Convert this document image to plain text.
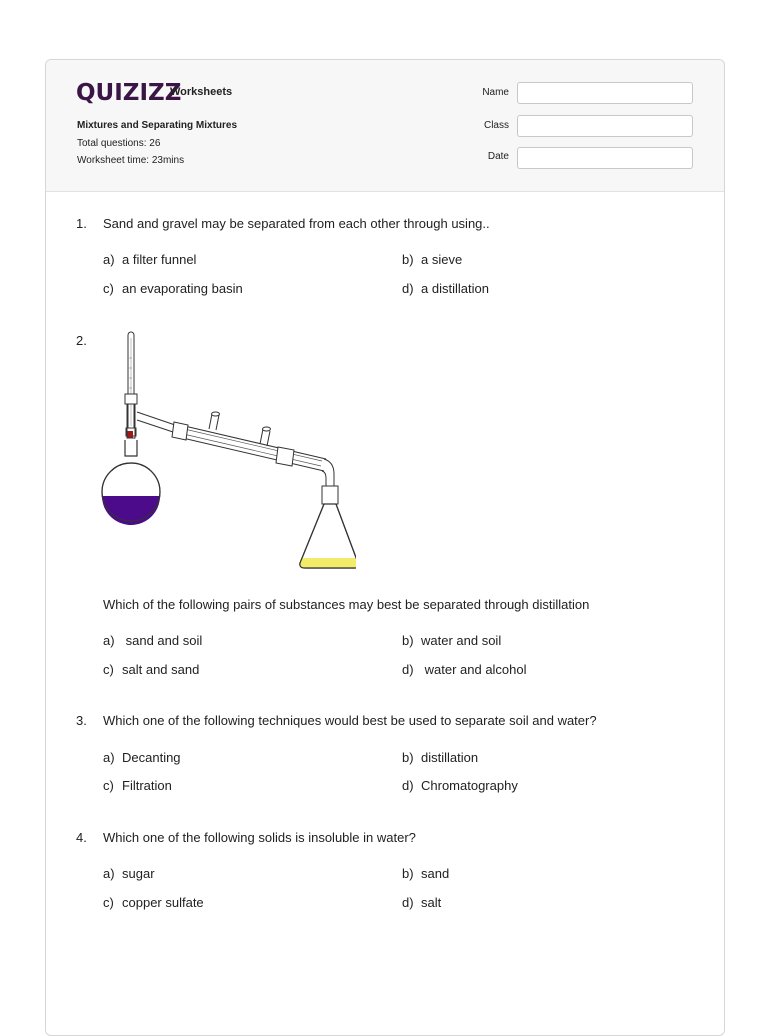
QUIZIZZ
Worksheets
Mixtures and Separating Mixtures
Total questions: 26
Worksheet time: 23mins
Name
Class
Date
1. Sand and gravel may be separated from each other through using..
a) a filter funnel	b) a sieve
c) an evaporating basin	d) a distillation
2.
Which of the following pairs of substances may best be separated through distillation
a) sand and soil	b) water and soil
c) salt and sand	d) water and alcohol
3. Which one of the following techniques would best be used to separate soil and water?
a) Decanting	b) distillation
c) Filtration	d) Chromatography
4. Which one of the following solids is insoluble in water?
a) sugar	b) sand
c) copper sulfate	d) salt
